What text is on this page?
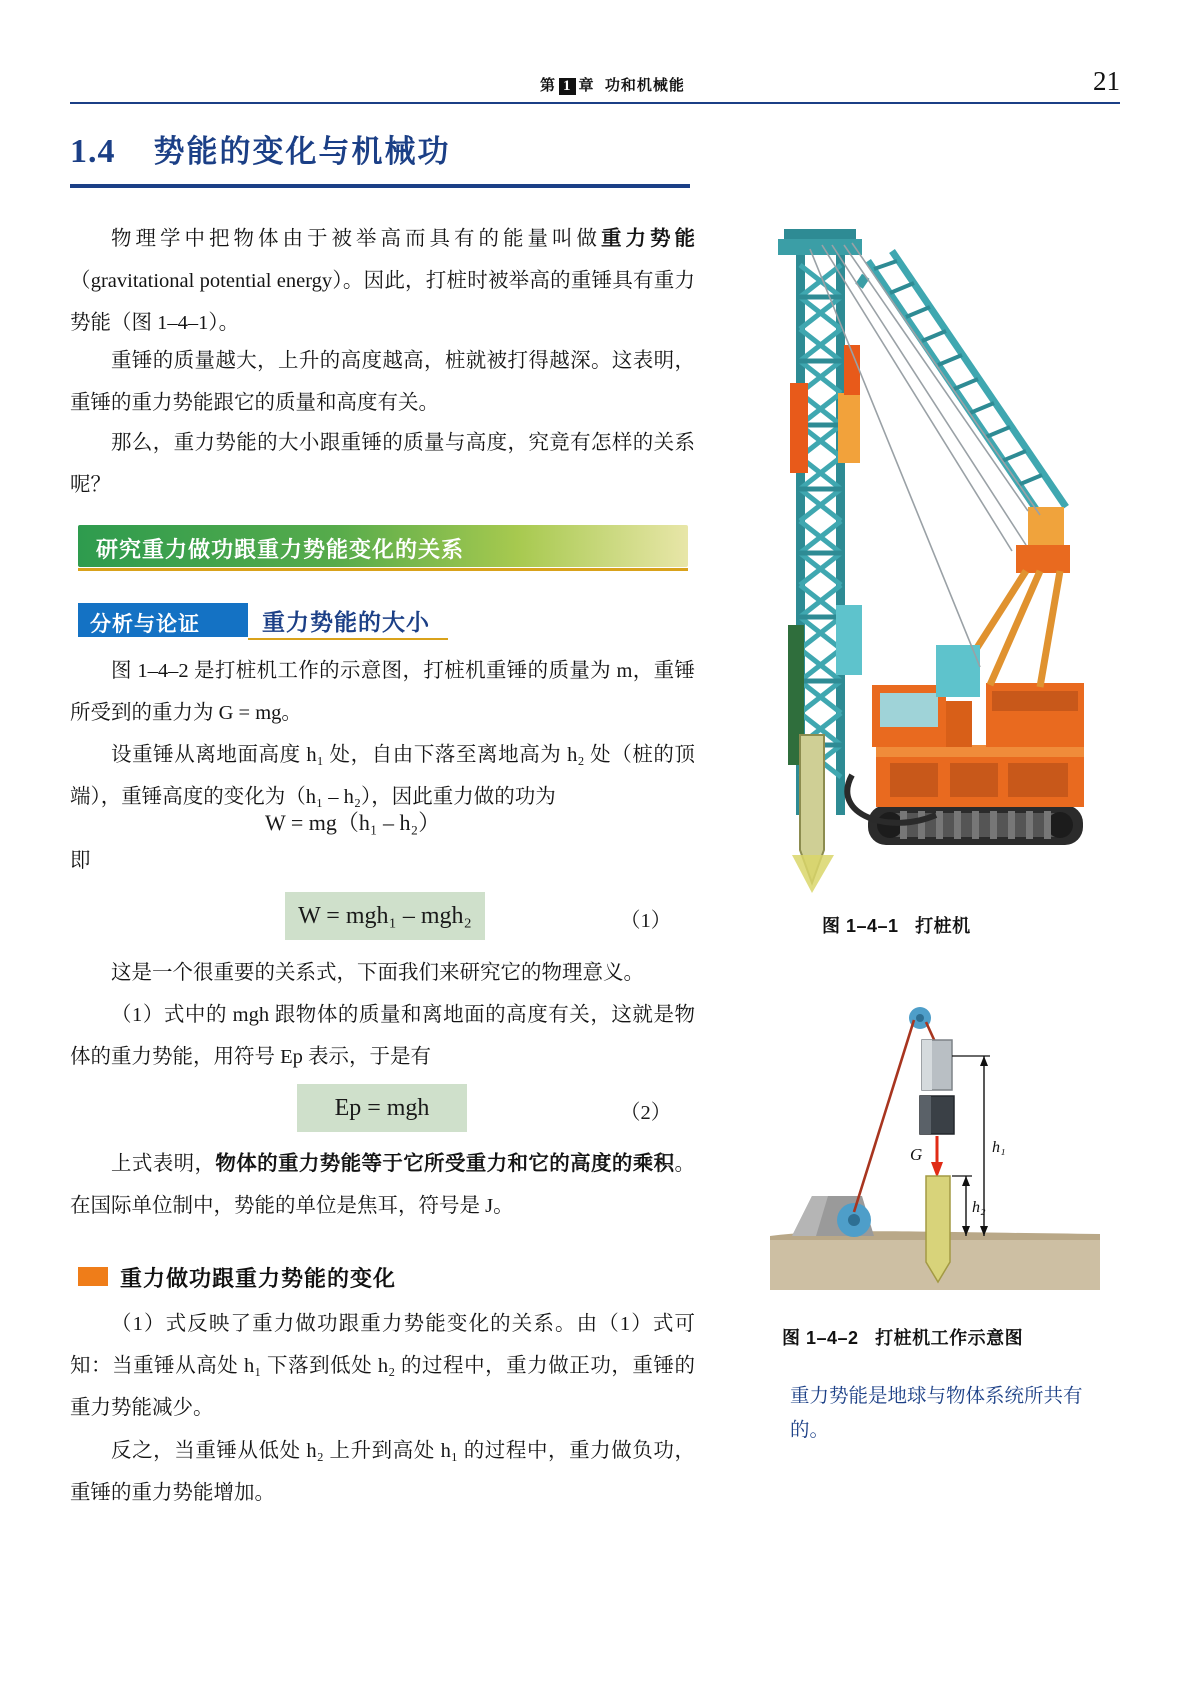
第 1 章 功和机械能	21
1.4 势能的变化与机械功

物理学中把物体由于被举高而具有的能量叫做重力势能（gravitational potential energy）。因此，打桩时被举高的重锤具有重力势能（图 1–4–1）。

重锤的质量越大，上升的高度越高，桩就被打得越深。这表明，重锤的重力势能跟它的质量和高度有关。

那么，重力势能的大小跟重锤的质量与高度，究竟有怎样的关系呢？

研究重力做功跟重力势能变化的关系
分析与论证	重力势能的大小

图 1–4–2 是打桩机工作的示意图，打桩机重锤的质量为 m，重锤所受到的重力为 G = mg。

设重锤从离地面高度 h₁ 处，自由下落至离地高为 h₂ 处（桩的顶端），重锤高度的变化为（h₁ – h₂），因此重力做的功为

W = mg（h₁ – h₂）

即

W = mgh₁ – mgh₂	（1）

这是一个很重要的关系式，下面我们来研究它的物理意义。

（1）式中的 mgh 跟物体的质量和离地面的高度有关，这就是物体的重力势能，用符号 Ep 表示，于是有

Ep = mgh	（2）

上式表明，物体的重力势能等于它所受重力和它的高度的乘积。在国际单位制中，势能的单位是焦耳，符号是 J。

重力做功跟重力势能的变化

（1）式反映了重力做功跟重力势能变化的关系。由（1）式可知：当重锤从高处 h₁ 下落到低处 h₂ 的过程中，重力做正功，重锤的重力势能减少。

反之，当重锤从低处 h₂ 上升到高处 h₁ 的过程中，重力做负功，重锤的重力势能增加。

图 1–4–1 打桩机
G	h₁
h₂
图 1–4–2 打桩机工作示意图
重力势能是地球与物体系统所共有的。
